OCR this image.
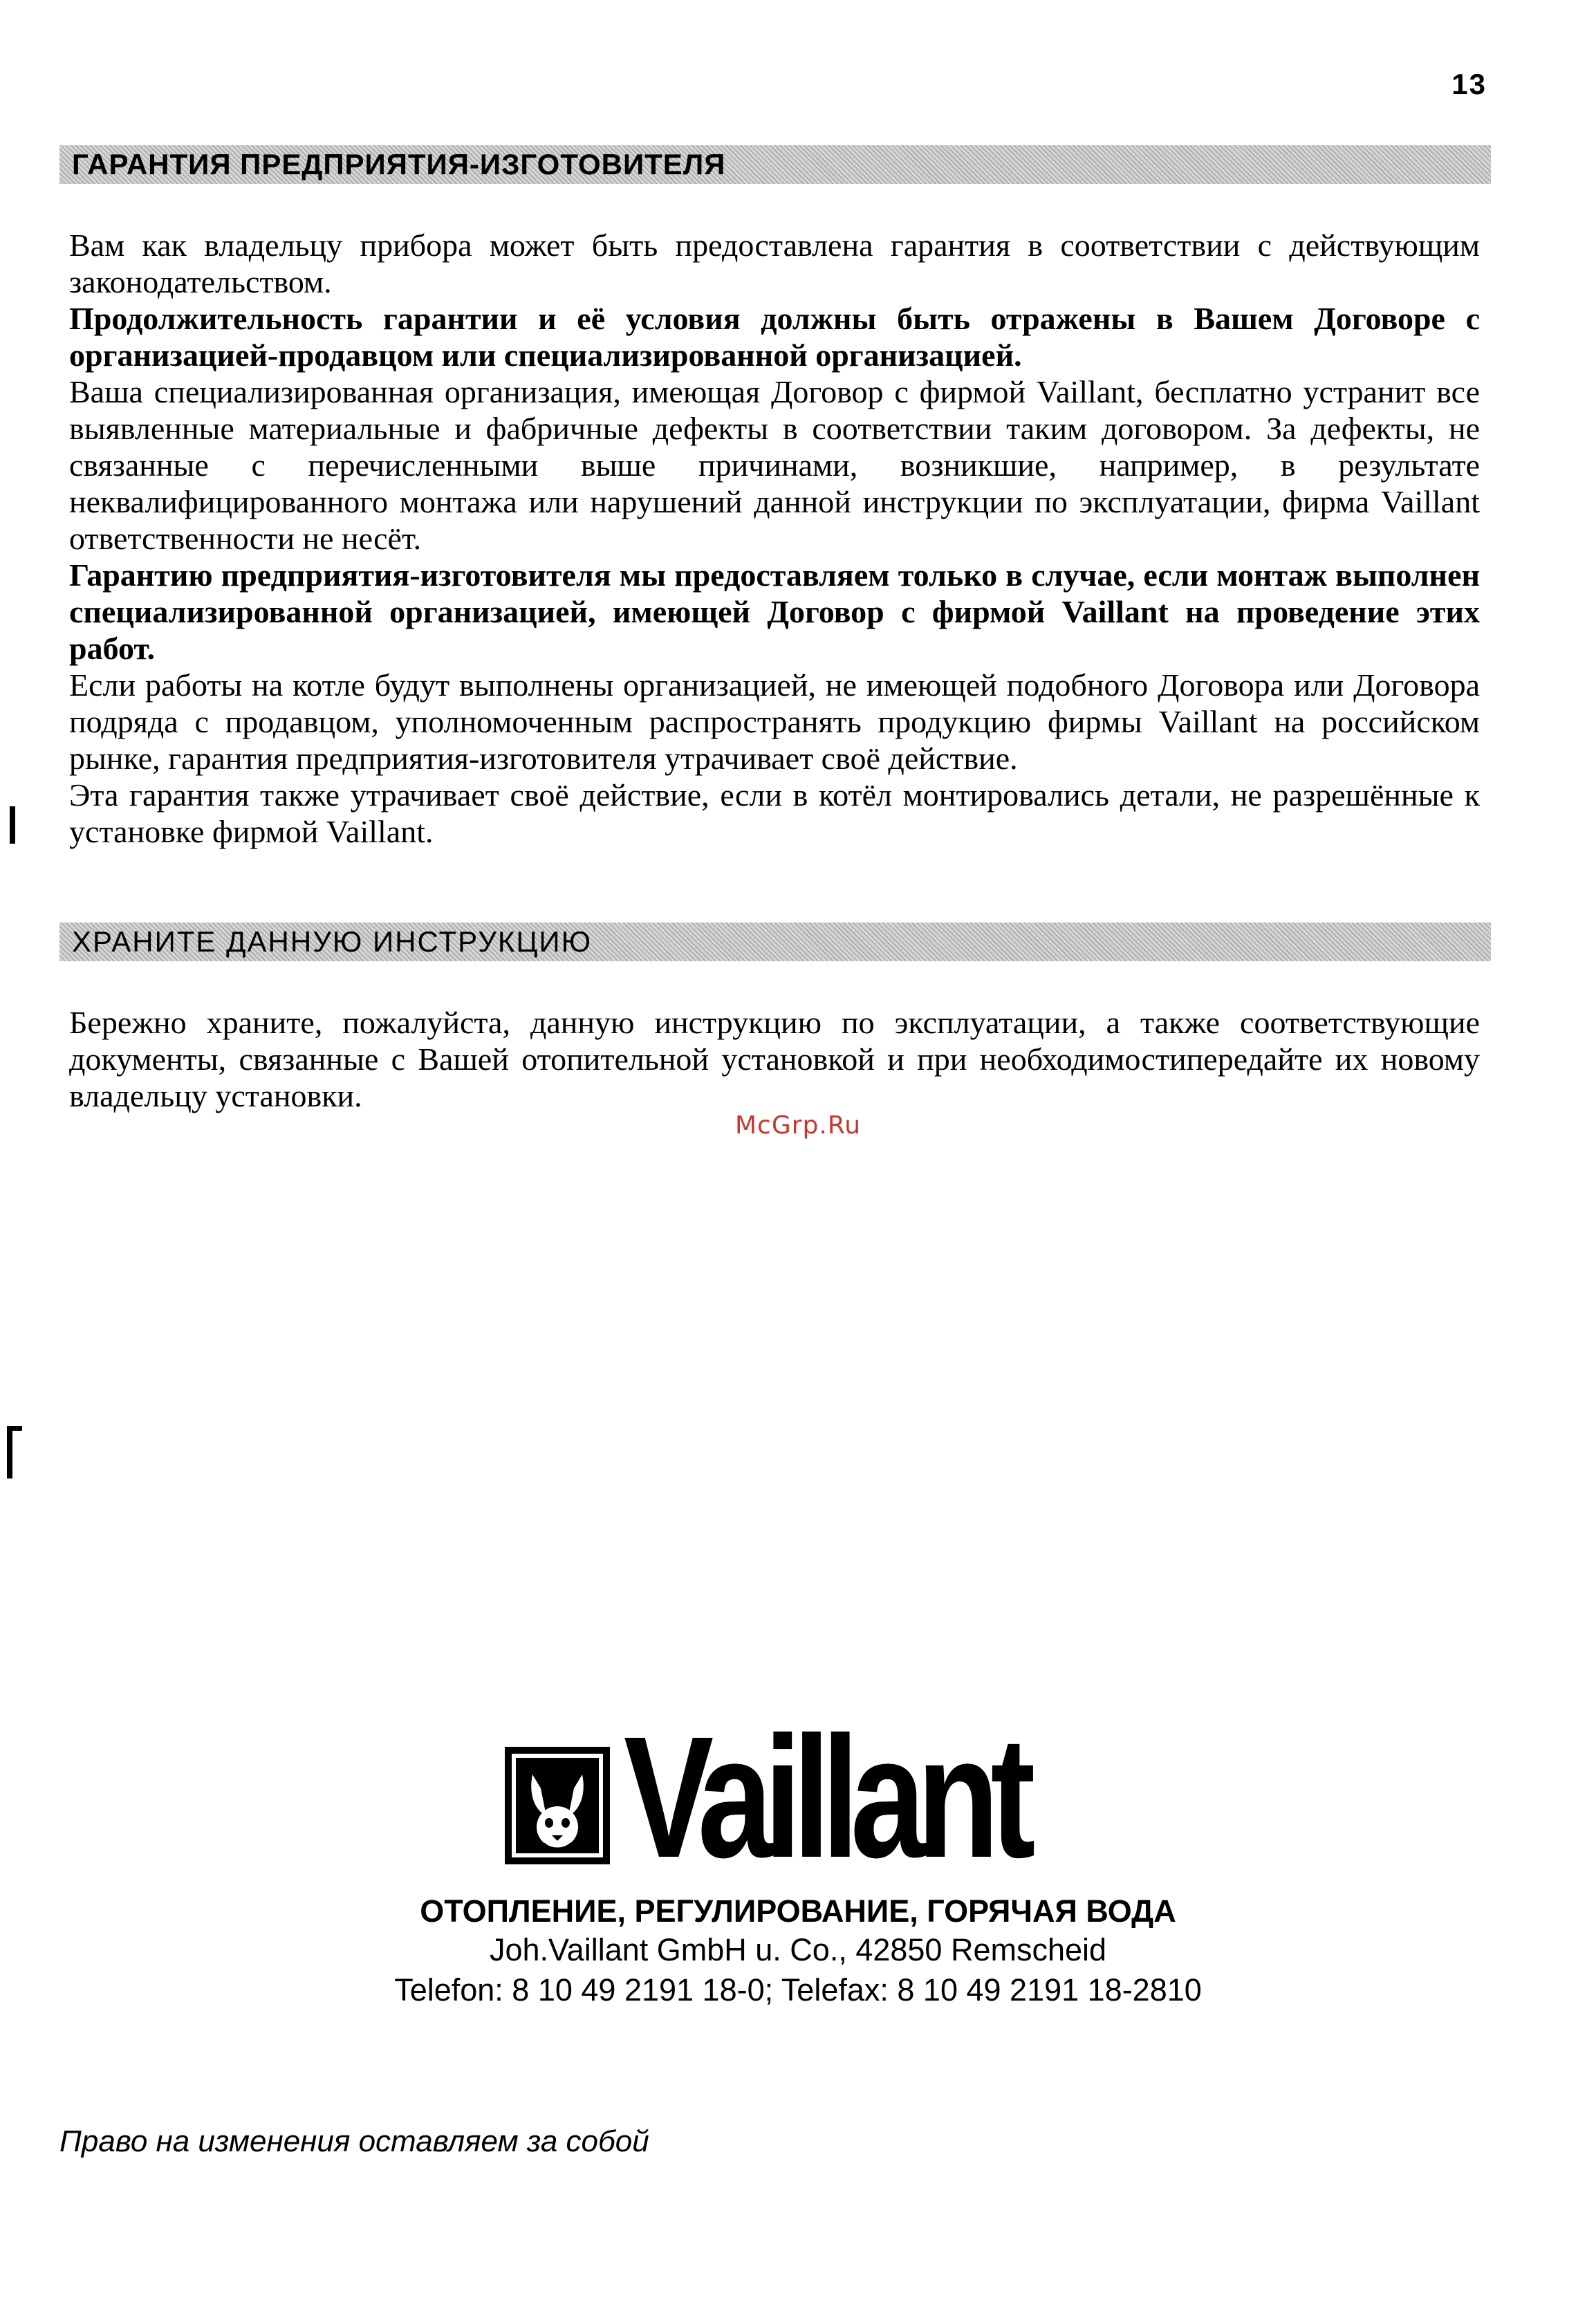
13
ГАРАНТИЯ ПРЕДПРИЯТИЯ-ИЗГОТОВИТЕЛЯ

Вам как владельцу прибора может быть предоставлена гарантия в соответствии с действующим законодательством.

Продолжительность гарантии и её условия должны быть отражены в Вашем Договоре с организацией-продавцом или специализированной организацией.

Ваша специализированная организация, имеющая Договор с фирмой Vaillant, бесплатно устранит все выявленные материальные и фабричные дефекты в соответствии таким договором. За дефекты, не связанные с перечисленными выше причинами, возникшие, например, в результате неквалифицированного монтажа или нарушений данной инструкции по эксплуатации, фирма Vaillant ответственности не несёт.

Гарантию предприятия-изготовителя мы предоставляем только в случае, если монтаж выполнен специализированной организацией, имеющей Договор с фирмой Vaillant на проведение этих работ.

Если работы на котле будут выполнены организацией, не имеющей подобного Договора или Договора подряда с продавцом, уполномоченным распространять продукцию фирмы Vaillant на российском рынке, гарантия предприятия-изготовителя утрачивает своё действие.

Эта гарантия также утрачивает своё действие, если в котёл монтировались детали, не разрешённые к установке фирмой Vaillant.

ХРАНИТЕ ДАННУЮ ИНСТРУКЦИЮ

Бережно храните, пожалуйста, данную инструкцию по эксплуатации, а также соответствующие документы, связанные с Вашей отопительной установкой и при необходимостипередайте их новому владельцу установки.

McGrp.Ru
Vaillant
ОТОПЛЕНИЕ, РЕГУЛИРОВАНИЕ, ГОРЯЧАЯ ВОДА
Joh.Vaillant GmbH u. Co., 42850 Remscheid
Telefon: 8 10 49 2191 18-0; Telefax: 8 10 49 2191 18-2810
Право на изменения оставляем за собой
